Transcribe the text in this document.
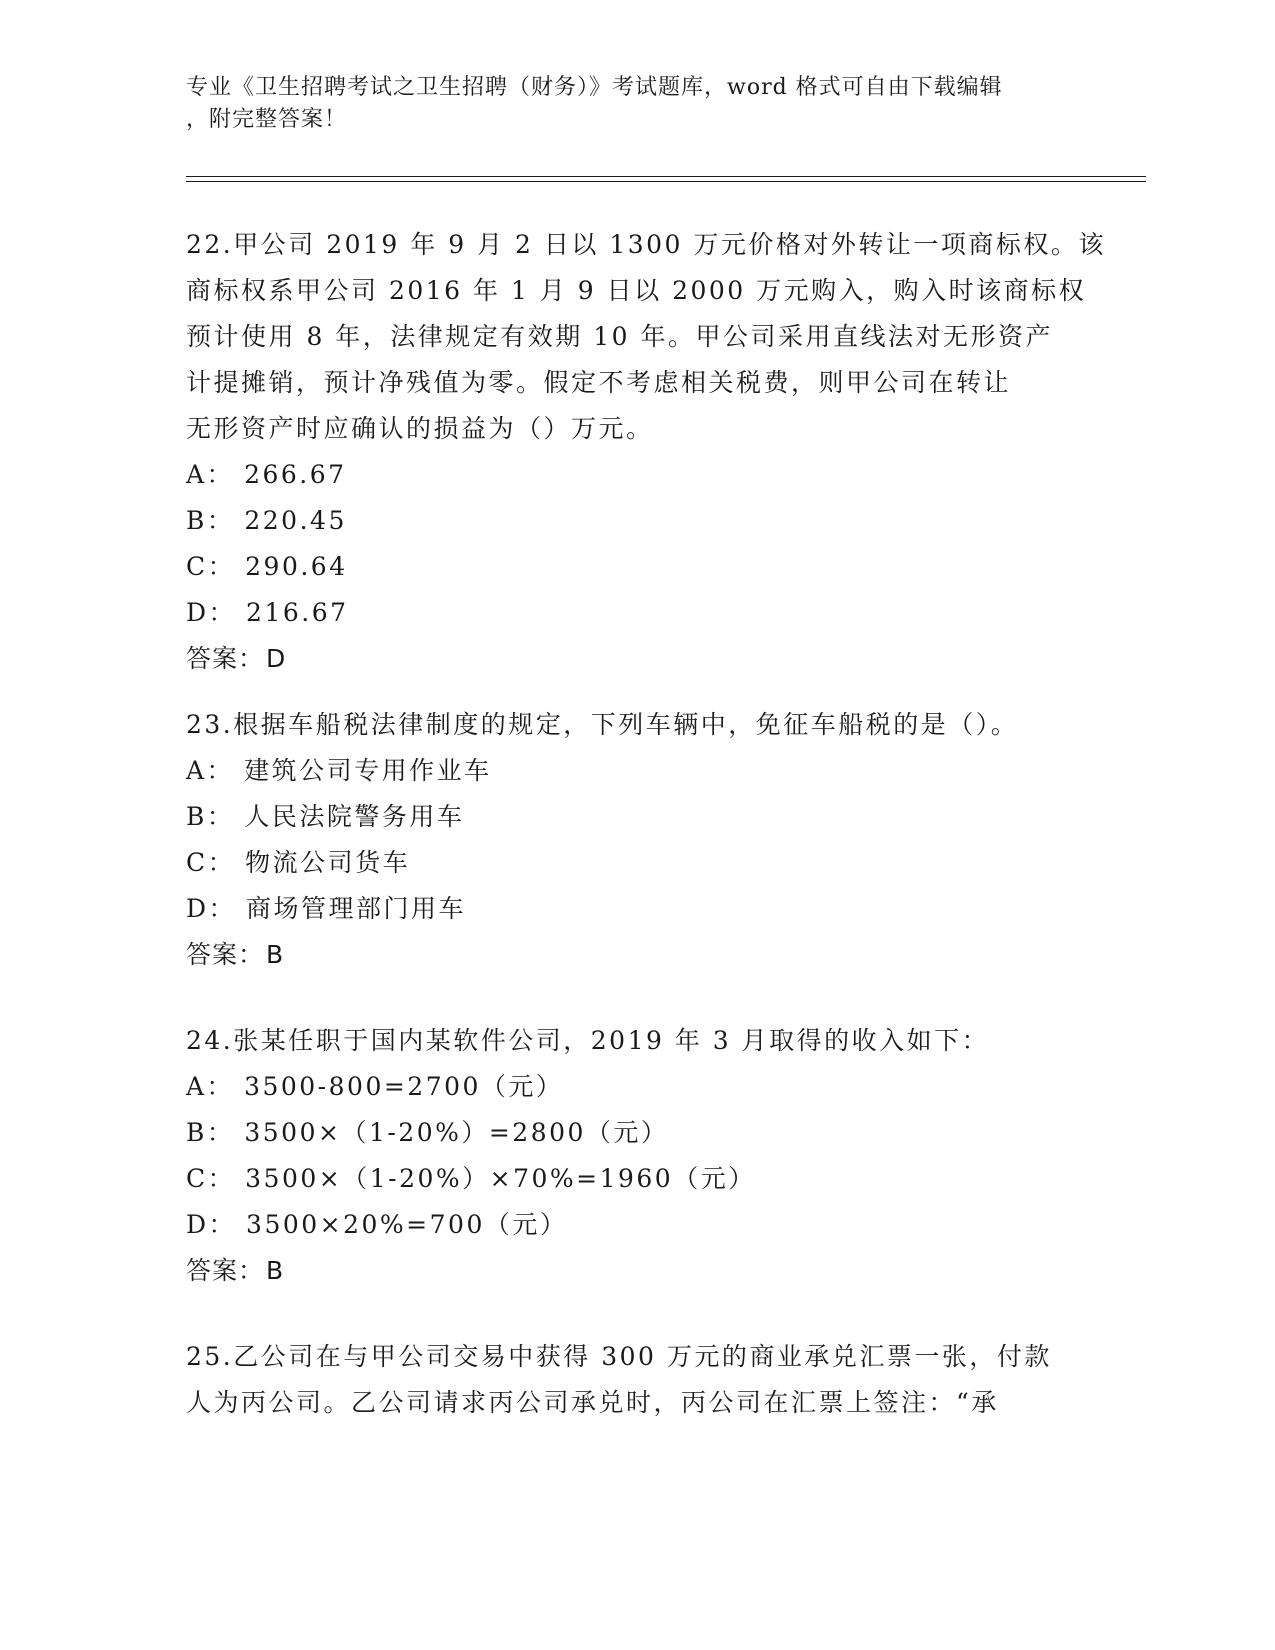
专业《卫生招聘考试之卫生招聘（财务）》考试题库，word 格式可自由下载编辑
，附完整答案！
22.甲公司 2019 年 9 月 2 日以 1300 万元价格对外转让一项商标权。该
商标权系甲公司 2016 年 1 月 9 日以 2000 万元购入，购入时该商标权
预计使用 8 年，法律规定有效期 10 年。甲公司采用直线法对无形资产
计提摊销，预计净残值为零。假定不考虑相关税费，则甲公司在转让
无形资产时应确认的损益为（）万元。
A： 266.67
B： 220.45
C： 290.64
D： 216.67
答案：D
23.根据车船税法律制度的规定，下列车辆中，免征车船税的是（）。
A： 建筑公司专用作业车
B： 人民法院警务用车
C： 物流公司货车
D： 商场管理部门用车
答案：B
24.张某任职于国内某软件公司，2019 年 3 月取得的收入如下：
A： 3500-800=2700（元）
B： 3500×（1-20%）=2800（元）
C： 3500×（1-20%）×70%=1960（元）
D： 3500×20%=700（元）
答案：B
25.乙公司在与甲公司交易中获得 300 万元的商业承兑汇票一张，付款
人为丙公司。乙公司请求丙公司承兑时，丙公司在汇票上签注：“承
